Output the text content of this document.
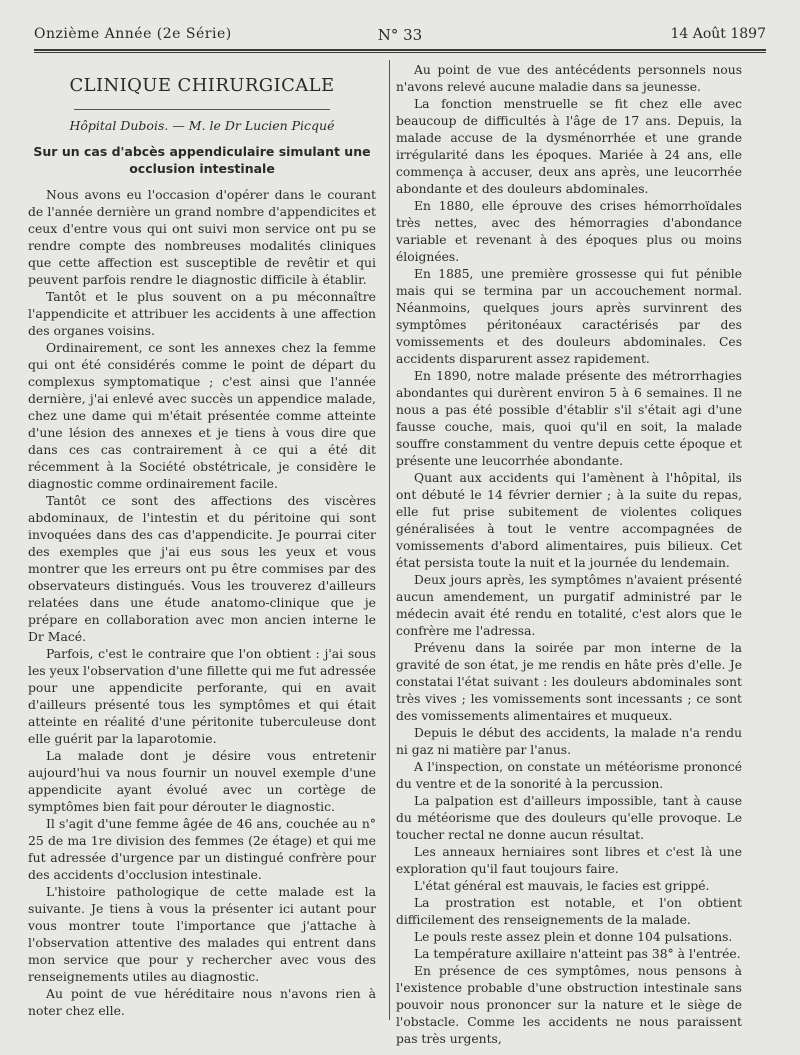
Onzième Année (2e Série)	N° 33	14 Août 1897
CLINIQUE CHIRURGICALE
Hôpital Dubois. — M. le Dr Lucien Picqué
Sur un cas d'abcès appendiculaire simulant une occlusion intestinale

Nous avons eu l'occasion d'opérer dans le courant de l'année dernière un grand nombre d'appendicites et ceux d'entre vous qui ont suivi mon service ont pu se rendre compte des nombreuses modalités cliniques que cette affection est susceptible de revêtir et qui peuvent parfois rendre le diagnostic difficile à établir.

Tantôt et le plus souvent on a pu méconnaître l'appendicite et attribuer les accidents à une affection des organes voisins.

Ordinairement, ce sont les annexes chez la femme qui ont été considérés comme le point de départ du complexus symptomatique ; c'est ainsi que l'année dernière, j'ai enlevé avec succès un appendice malade, chez une dame qui m'était présentée comme atteinte d'une lésion des annexes et je tiens à vous dire que dans ces cas contrairement à ce qui a été dit récemment à la Société obstétricale, je considère le diagnostic comme ordinairement facile.

Tantôt ce sont des affections des viscères abdominaux, de l'intestin et du péritoine qui sont invoquées dans des cas d'appendicite. Je pourrai citer des exemples que j'ai eus sous les yeux et vous montrer que les erreurs ont pu être commises par des observateurs distingués. Vous les trouverez d'ailleurs relatées dans une étude anatomo-clinique que je prépare en collaboration avec mon ancien interne le Dr Macé.

Parfois, c'est le contraire que l'on obtient : j'ai sous les yeux l'observation d'une fillette qui me fut adressée pour une appendicite perforante, qui en avait d'ailleurs présenté tous les symptômes et qui était atteinte en réalité d'une péritonite tuberculeuse dont elle guérit par la laparotomie.

La malade dont je désire vous entretenir aujourd'hui va nous fournir un nouvel exemple d'une appendicite ayant évolué avec un cortège de symptômes bien fait pour dérouter le diagnostic.

Il s'agit d'une femme âgée de 46 ans, couchée au n° 25 de ma 1re division des femmes (2e étage) et qui me fut adressée d'urgence par un distingué confrère pour des accidents d'occlusion intestinale.

L'histoire pathologique de cette malade est la suivante. Je tiens à vous la présenter ici autant pour vous montrer toute l'importance que j'attache à l'observation attentive des malades qui entrent dans mon service que pour y rechercher avec vous des renseignements utiles au diagnostic.

Au point de vue héréditaire nous n'avons rien à noter chez elle.

Au point de vue des antécédents personnels nous n'avons relevé aucune maladie dans sa jeunesse.

La fonction menstruelle se fit chez elle avec beaucoup de difficultés à l'âge de 17 ans. Depuis, la malade accuse de la dysménorrhée et une grande irrégularité dans les époques. Mariée à 24 ans, elle commença à accuser, deux ans après, une leucorrhée abondante et des douleurs abdominales.

En 1880, elle éprouve des crises hémorrhoïdales très nettes, avec des hémorragies d'abondance variable et revenant à des époques plus ou moins éloignées.

En 1885, une première grossesse qui fut pénible mais qui se termina par un accouchement normal. Néanmoins, quelques jours après survinrent des symptômes péritonéaux caractérisés par des vomissements et des douleurs abdominales. Ces accidents disparurent assez rapidement.

En 1890, notre malade présente des métrorrhagies abondantes qui durèrent environ 5 à 6 semaines. Il ne nous a pas été possible d'établir s'il s'était agi d'une fausse couche, mais, quoi qu'il en soit, la malade souffre constamment du ventre depuis cette époque et présente une leucorrhée abondante.

Quant aux accidents qui l'amènent à l'hôpital, ils ont débuté le 14 février dernier ; à la suite du repas, elle fut prise subitement de violentes coliques généralisées à tout le ventre accompagnées de vomissements d'abord alimentaires, puis bilieux. Cet état persista toute la nuit et la journée du lendemain.

Deux jours après, les symptômes n'avaient présenté aucun amendement, un purgatif administré par le médecin avait été rendu en totalité, c'est alors que le confrère me l'adressa.

Prévenu dans la soirée par mon interne de la gravité de son état, je me rendis en hâte près d'elle. Je constatai l'état suivant : les douleurs abdominales sont très vives ; les vomissements sont incessants ; ce sont des vomissements alimentaires et muqueux.

Depuis le début des accidents, la malade n'a rendu ni gaz ni matière par l'anus.

A l'inspection, on constate un météorisme prononcé du ventre et de la sonorité à la percussion.

La palpation est d'ailleurs impossible, tant à cause du météorisme que des douleurs qu'elle provoque. Le toucher rectal ne donne aucun résultat.

Les anneaux herniaires sont libres et c'est là une exploration qu'il faut toujours faire.

L'état général est mauvais, le facies est grippé.

La prostration est notable, et l'on obtient difficilement des renseignements de la malade.

Le pouls reste assez plein et donne 104 pulsations.

La température axillaire n'atteint pas 38° à l'entrée.

En présence de ces symptômes, nous pensons à l'existence probable d'une obstruction intestinale sans pouvoir nous prononcer sur la nature et le siège de l'obstacle. Comme les accidents ne nous paraissent pas très urgents,
